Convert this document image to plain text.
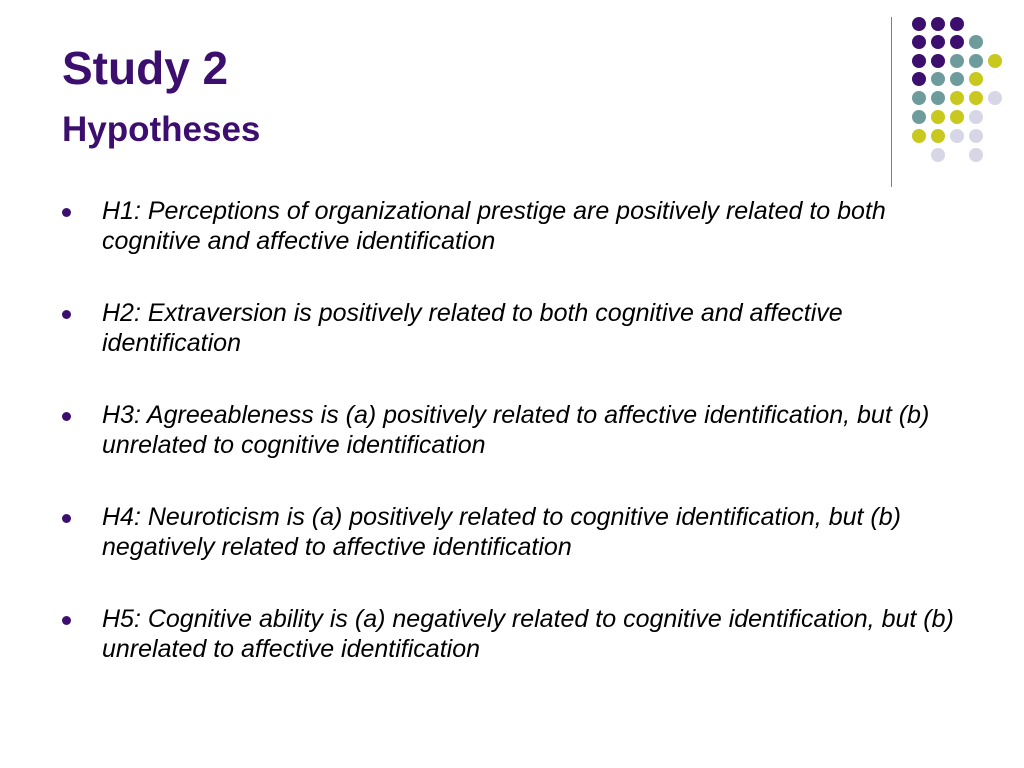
Study 2
Hypotheses
H1: Perceptions of organizational prestige are positively related to both cognitive and affective identification
H2: Extraversion is positively related to both cognitive and affective identification
H3: Agreeableness is (a) positively related to affective identification, but (b) unrelated to cognitive identification
H4: Neuroticism is (a) positively related to cognitive identification, but (b) negatively related to affective identification
H5: Cognitive ability is (a) negatively related to cognitive identification, but (b) unrelated to affective identification
